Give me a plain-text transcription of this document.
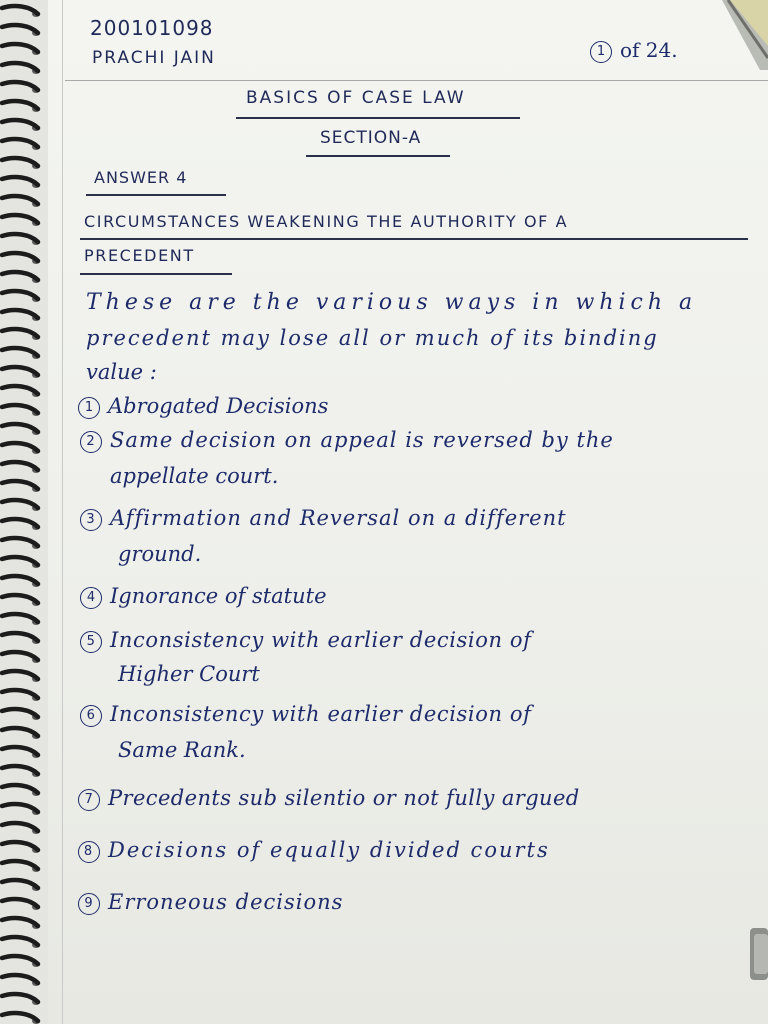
200101098
PRACHI JAIN	1 of 24.
BASICS OF CASE LAW
SECTION-A
ANSWER 4
CIRCUMSTANCES WEAKENING THE AUTHORITY OF A
PRECEDENT
These are the various ways in which a
precedent may lose all or much of its binding
value :
1 Abrogated Decisions
2 Same decision on appeal is reversed by the
appellate court.
3 Affirmation and Reversal on a different
ground.
4 Ignorance of statute
5 Inconsistency with earlier decision of
Higher Court
6 Inconsistency with earlier decision of
Same Rank.
7 Precedents sub silentio or not fully argued
8 Decisions of equally divided courts
9 Erroneous decisions
